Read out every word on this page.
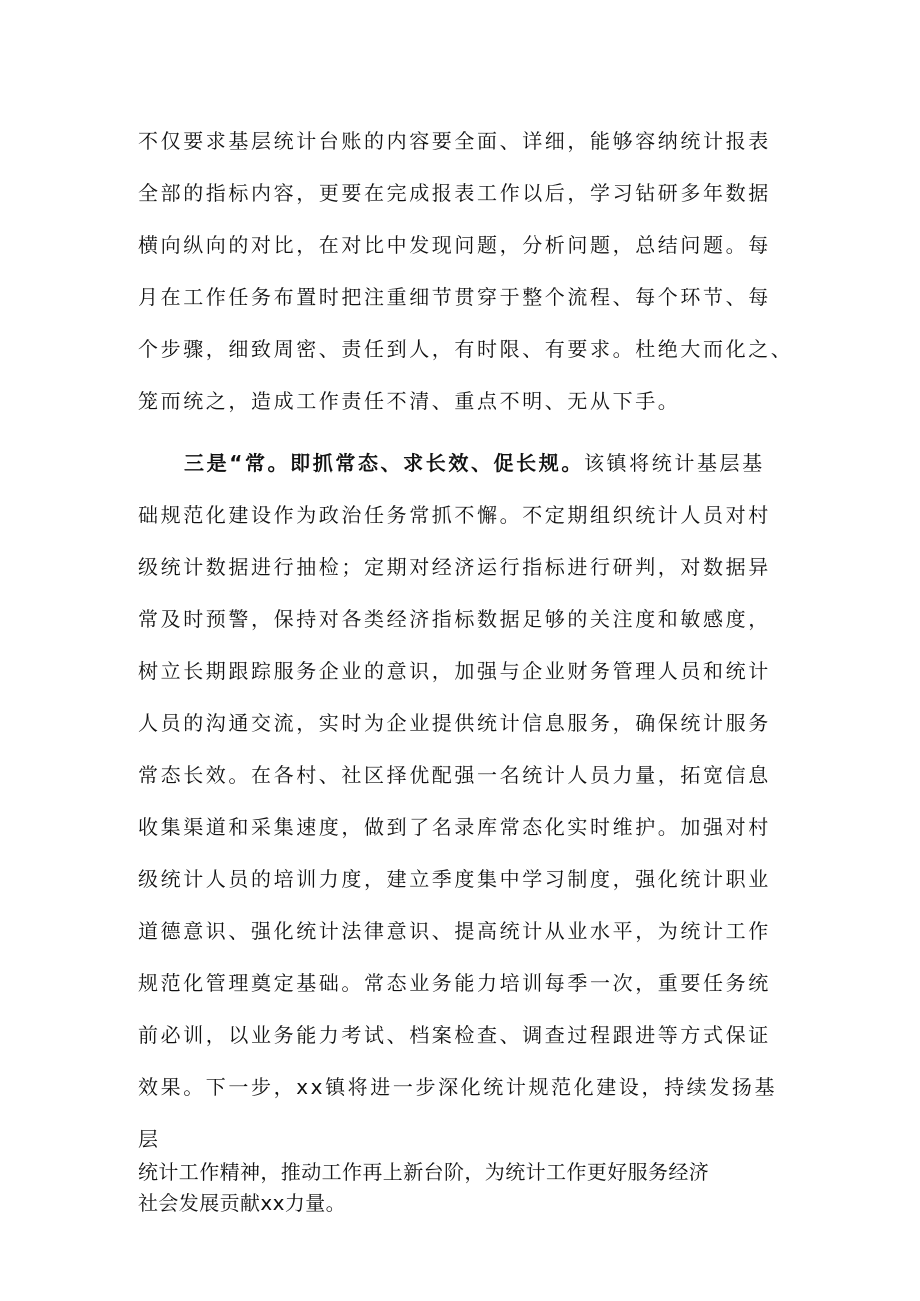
不仅要求基层统计台账的内容要全面、详细，能够容纳统计报表
全部的指标内容，更要在完成报表工作以后，学习钻研多年数据
横向纵向的对比，在对比中发现问题，分析问题，总结问题。每
月在工作任务布置时把注重细节贯穿于整个流程、每个环节、每
个步骤，细致周密、责任到人，有时限、有要求。杜绝大而化之、
笼而统之，造成工作责任不清、重点不明、无从下手。
三是“常。即抓常态、求长效、促长规。该镇将统计基层基
础规范化建设作为政治任务常抓不懈。不定期组织统计人员对村
级统计数据进行抽检；定期对经济运行指标进行研判，对数据异
常及时预警，保持对各类经济指标数据足够的关注度和敏感度，
树立长期跟踪服务企业的意识，加强与企业财务管理人员和统计
人员的沟通交流，实时为企业提供统计信息服务，确保统计服务
常态长效。在各村、社区择优配强一名统计人员力量，拓宽信息
收集渠道和采集速度，做到了名录库常态化实时维护。加强对村
级统计人员的培训力度，建立季度集中学习制度，强化统计职业
道德意识、强化统计法律意识、提高统计从业水平，为统计工作
规范化管理奠定基础。常态业务能力培训每季一次，重要任务统
前必训，以业务能力考试、档案检查、调查过程跟进等方式保证
效果。下一步，xx镇将进一步深化统计规范化建设，持续发扬基
层
统计工作精神，推动工作再上新台阶，为统计工作更好服务经济
社会发展贡献xx力量。
